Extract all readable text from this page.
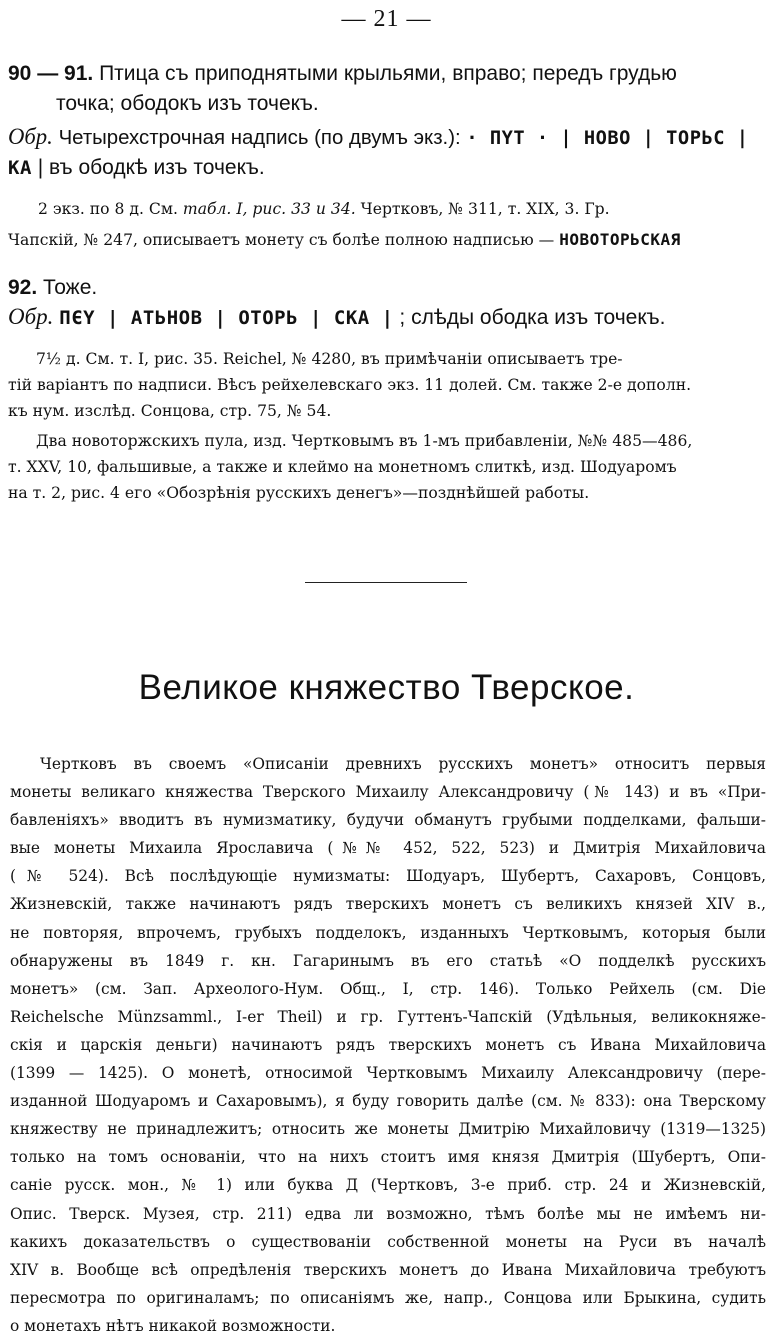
— 21 —
90 — 91. Птица съ приподнятыми крыльями, вправо; передъ грудью
точка; ободокъ изъ точекъ.
Обр. Четырехстрочная надпись (по двумъ экз.): · ПYТ · | НОВО | ТОРЬС |
КА | въ ободкѣ изъ точекъ.
2 экз. по 8 д. См. табл. I, рис. 33 и 34. Чертковъ, № 311, т. XIX, 3. Гр.
Чапскій, № 247, описываетъ монету съ болѣе полною надписью — НОВОТОРЬСКАЯ
92. Тоже.
Обр. ПЄY | АТЬНОВ | ОТОРЬ | СКА | ; слѣды ободка изъ точекъ.
7½ д. См. т. I, рис. 35. Reichel, № 4280, въ примѣчаніи описываетъ тре-
тій варіантъ по надписи. Вѣсъ рейхелевскаго экз. 11 долей. См. также 2-е дополн.
къ нум. изслѣд. Сонцова, стр. 75, № 54.
Два новоторжскихъ пула, изд. Чертковымъ въ 1-мъ прибавленіи, №№ 485—486,
т. XXV, 10, фальшивые, а также и клеймо на монетномъ слиткѣ, изд. Шодуаромъ
на т. 2, рис. 4 его «Обозрѣнія русскихъ денегъ»—позднѣйшей работы.
Великое княжество Тверское.
Чертковъ въ своемъ «Описаніи древнихъ русскихъ монетъ» относитъ первыя
монеты великаго княжества Тверского Михаилу Александровичу (№ 143) и въ «При-
бавленіяхъ» вводитъ въ нумизматику, будучи обманутъ грубыми подделками, фальши-
вые монеты Михаила Ярославича (№№ 452, 522, 523) и Дмитрія Михайловича
(№ 524). Всѣ послѣдующіе нумизматы: Шодуаръ, Шубертъ, Сахаровъ, Сонцовъ,
Жизневскій, также начинаютъ рядъ тверскихъ монетъ съ великихъ князей XIV в.,
не повторяя, впрочемъ, грубыхъ подделокъ, изданныхъ Чертковымъ, которыя были
обнаружены въ 1849 г. кн. Гагаринымъ въ его статьѣ «О подделкѣ русскихъ
монетъ» (см. Зап. Археолого-Нум. Общ., I, стр. 146). Только Рейхель (см. Die
Reichelsche Münzsamml., I-er Theil) и гр. Гуттенъ-Чапскій (Удѣльныя, великокняже-
скія и царскія деньги) начинаютъ рядъ тверскихъ монетъ съ Ивана Михайловича
(1399 — 1425). О монетѣ, относимой Чертковымъ Михаилу Александровичу (пере-
изданной Шодуаромъ и Сахаровымъ), я буду говорить далѣе (см. № 833): она Тверскому
княжеству не принадлежитъ; относить же монеты Дмитрію Михайловичу (1319—1325)
только на томъ основаніи, что на нихъ стоитъ имя князя Дмитрія (Шубертъ, Опи-
саніе русск. мон., № 1) или буква Д (Чертковъ, 3-е приб. стр. 24 и Жизневскій,
Опис. Тверск. Музея, стр. 211) едва ли возможно, тѣмъ болѣе мы не имѣемъ ни-
какихъ доказательствъ о существованіи собственной монеты на Руси въ началѣ
XIV в. Вообще всѣ опредѣленія тверскихъ монетъ до Ивана Михайловича требуютъ
пересмотра по оригиналамъ; по описаніямъ же, напр., Сонцова или Брыкина, судить
о монетахъ нѣтъ никакой возможности.
